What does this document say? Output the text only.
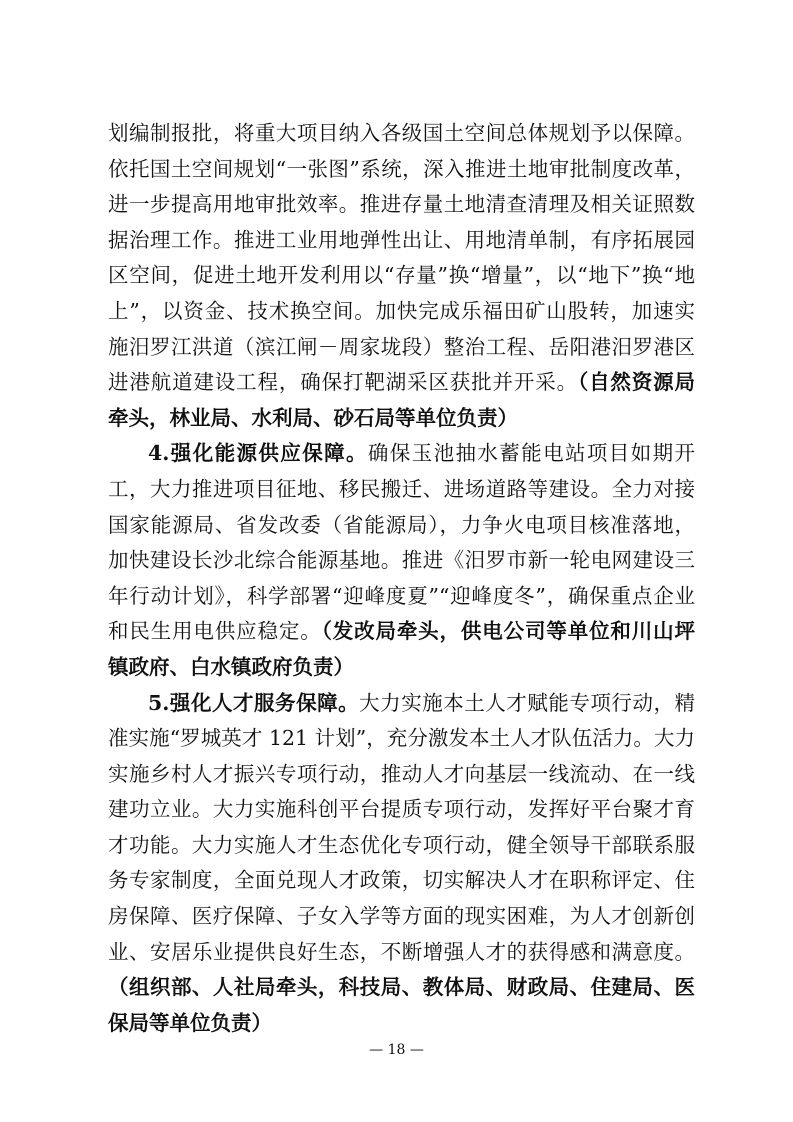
划编制报批，将重大项目纳入各级国土空间总体规划予以保障。
依托国土空间规划“一张图”系统，深入推进土地审批制度改革，
进一步提高用地审批效率。推进存量土地清查清理及相关证照数
据治理工作。推进工业用地弹性出让、用地清单制，有序拓展园
区空间，促进土地开发利用以“存量”换“增量”，以“地下”换“地
上”，以资金、技术换空间。加快完成乐福田矿山股转，加速实
施汨罗江洪道（滨江闸－周家垅段）整治工程、岳阳港汨罗港区
进港航道建设工程，确保打靶湖采区获批并开采。（自然资源局
牵头，林业局、水利局、砂石局等单位负责）
4.强化能源供应保障。确保玉池抽水蓄能电站项目如期开
工，大力推进项目征地、移民搬迁、进场道路等建设。全力对接
国家能源局、省发改委（省能源局），力争火电项目核准落地，
加快建设长沙北综合能源基地。推进《汨罗市新一轮电网建设三
年行动计划》，科学部署“迎峰度夏”“迎峰度冬”，确保重点企业
和民生用电供应稳定。（发改局牵头，供电公司等单位和川山坪
镇政府、白水镇政府负责）
5.强化人才服务保障。大力实施本土人才赋能专项行动，精
准实施“罗城英才 121 计划”，充分激发本土人才队伍活力。大力
实施乡村人才振兴专项行动，推动人才向基层一线流动、在一线
建功立业。大力实施科创平台提质专项行动，发挥好平台聚才育
才功能。大力实施人才生态优化专项行动，健全领导干部联系服
务专家制度，全面兑现人才政策，切实解决人才在职称评定、住
房保障、医疗保障、子女入学等方面的现实困难，为人才创新创
业、安居乐业提供良好生态，不断增强人才的获得感和满意度。
（组织部、人社局牵头，科技局、教体局、财政局、住建局、医
保局等单位负责）
— 18 —
